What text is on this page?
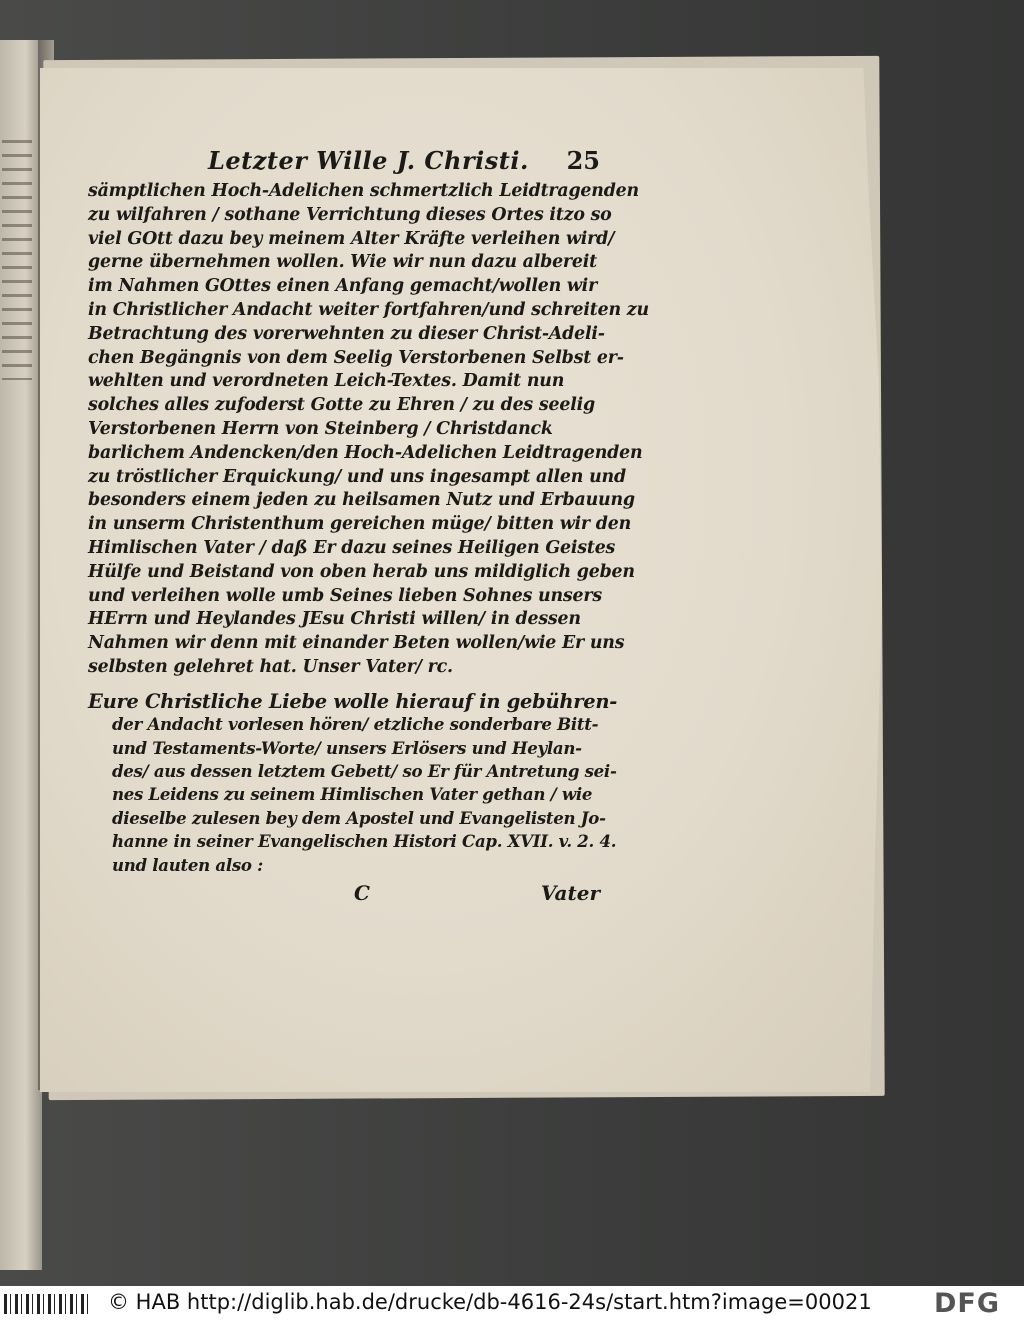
Letzter Wille J. Christi. 25
sämptlichen Hoch-Adelichen schmertzlich Leidtragenden
zu wilfahren / sothane Verrichtung dieses Ortes itzo so
viel GOtt dazu bey meinem Alter Kräfte verleihen wird/
gerne übernehmen wollen. Wie wir nun dazu albereit
im Nahmen GOttes einen Anfang gemacht/wollen wir
in Christlicher Andacht weiter fortfahren/und schreiten zu
Betrachtung des vorerwehnten zu dieser Christ-Adeli-
chen Begängnis von dem Seelig Verstorbenen Selbst er-
wehlten und verordneten Leich-Textes. Damit nun
solches alles zufoderst Gotte zu Ehren / zu des seelig
Verstorbenen Herrn von Steinberg / Christdanck
barlichem Andencken/den Hoch-Adelichen Leidtragenden
zu tröstlicher Erquickung/ und uns ingesampt allen und
besonders einem jeden zu heilsamen Nutz und Erbauung
in unserm Christenthum gereichen müge/ bitten wir den
Himlischen Vater / daß Er dazu seines Heiligen Geistes
Hülfe und Beistand von oben herab uns mildiglich geben
und verleihen wolle umb Seines lieben Sohnes unsers
HErrn und Heylandes JEsu Christi willen/ in dessen
Nahmen wir denn mit einander Beten wollen/wie Er uns
selbsten gelehret hat. Unser Vater/ rc.
Eure Christliche Liebe wolle hierauf in gebühren-
der Andacht vorlesen hören/ etzliche sonderbare Bitt-
und Testaments-Worte/ unsers Erlösers und Heylan-
des/ aus dessen letztem Gebett/ so Er für Antretung sei-
nes Leidens zu seinem Himlischen Vater gethan / wie
dieselbe zulesen bey dem Apostel und Evangelisten Jo-
hanne in seiner Evangelischen Histori Cap. XVII. v. 2. 4.
und lauten also :
C	Vater
© HAB http://diglib.hab.de/drucke/db-4616-24s/start.htm?image=00021 DFG
